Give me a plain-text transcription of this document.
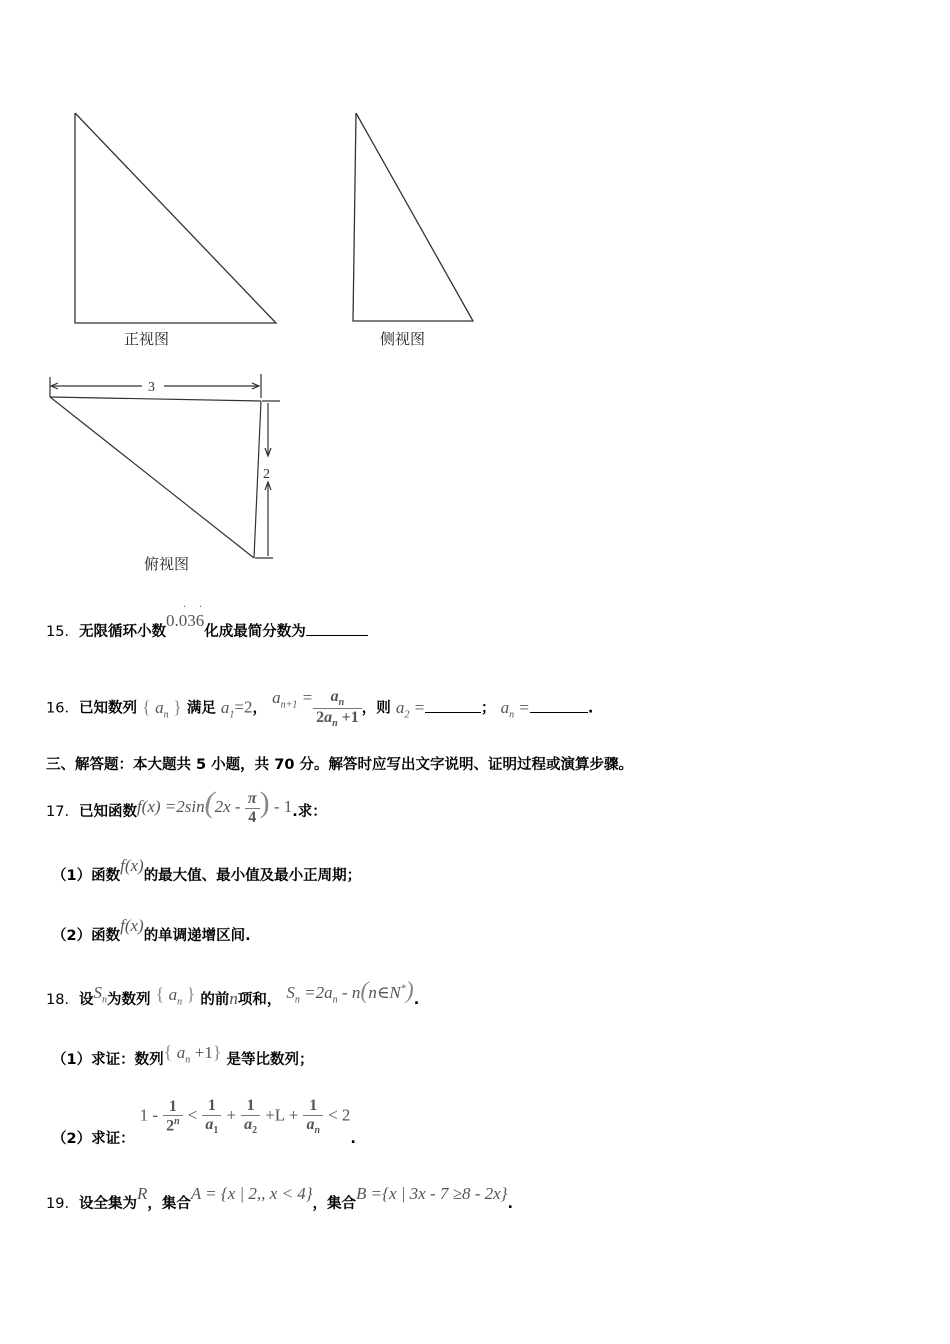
3
2
正视图	侧视图
俯视图
15．无限循环小数
· ·
0.036化成最简分数为
16．已知数列 { $a_n$ } 满足 $a_1=2$， $a_{n+1} = \frac{a_n}{2a_n +1}$ ，则 $a_2$ =	； $a_n$ =	.
三、解答题：本大题共 5 小题，共 70 分。解答时应写出文字说明、证明过程或演算步骤。
17．已知函数$f(x) =2\sin(2x - \frac{\pi}{4}$ ) - 1.求：
（1）函数f(x)的最大值、最小值及最小正周期；
（2）函数f(x)的单调递增区间.
18．设$S_n$为数列 { $a_n$ } 的前n项和， $S_n =2a_n$ - n(n∈N*).
（1）求证：数列{ $a_n +1$} 是等比数列；
（2）求证： $1 - \frac{1}{2^n} < \frac{1}{a_1} + \frac{1}{a_2} +L + \frac{1}{a_n} < 2$.
19．设全集为R，集合A = {x | 2,, x < 4}，集合B ={x | 3x - 7 ≥8 - 2x}.
